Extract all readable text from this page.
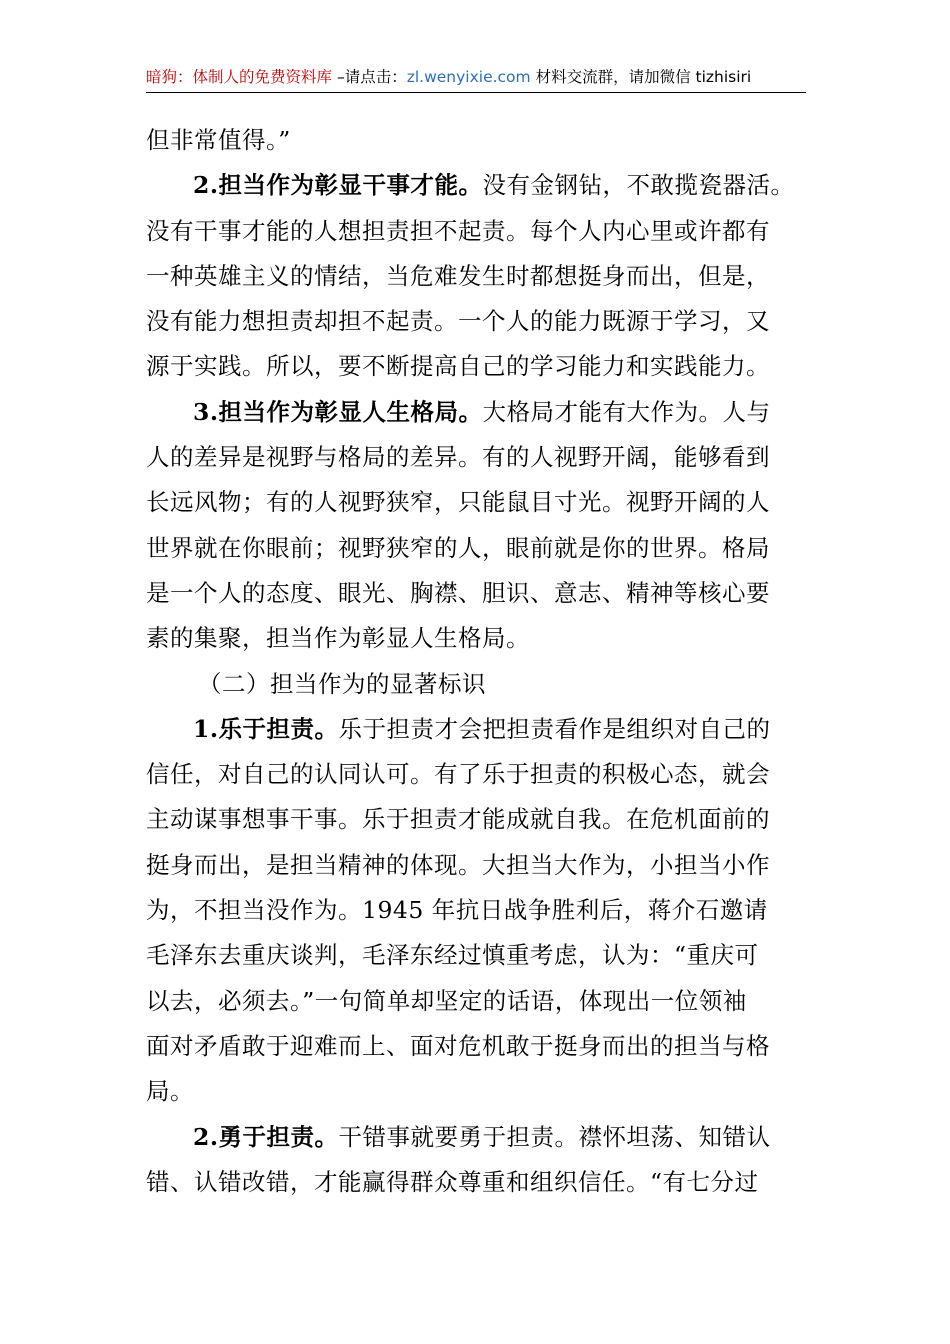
暗狗：体制人的免费资料库 –请点击：zl.wenyixie.com 材料交流群，请加微信 tizhisiri
但非常值得。”
2.担当作为彰显干事才能。没有金钢钻，不敢揽瓷器活。
没有干事才能的人想担责担不起责。每个人内心里或许都有
一种英雄主义的情结，当危难发生时都想挺身而出，但是，
没有能力想担责却担不起责。一个人的能力既源于学习，又
源于实践。所以，要不断提高自己的学习能力和实践能力。
3.担当作为彰显人生格局。大格局才能有大作为。人与
人的差异是视野与格局的差异。有的人视野开阔，能够看到
长远风物；有的人视野狭窄，只能鼠目寸光。视野开阔的人
世界就在你眼前；视野狭窄的人，眼前就是你的世界。格局
是一个人的态度、眼光、胸襟、胆识、意志、精神等核心要
素的集聚，担当作为彰显人生格局。
（二）担当作为的显著标识
1.乐于担责。乐于担责才会把担责看作是组织对自己的
信任，对自己的认同认可。有了乐于担责的积极心态，就会
主动谋事想事干事。乐于担责才能成就自我。在危机面前的
挺身而出，是担当精神的体现。大担当大作为，小担当小作
为，不担当没作为。1945 年抗日战争胜利后，蒋介石邀请
毛泽东去重庆谈判，毛泽东经过慎重考虑，认为：“重庆可
以去，必须去。”一句简单却坚定的话语，体现出一位领袖
面对矛盾敢于迎难而上、面对危机敢于挺身而出的担当与格
局。
2.勇于担责。干错事就要勇于担责。襟怀坦荡、知错认
错、认错改错，才能赢得群众尊重和组织信任。“有七分过
